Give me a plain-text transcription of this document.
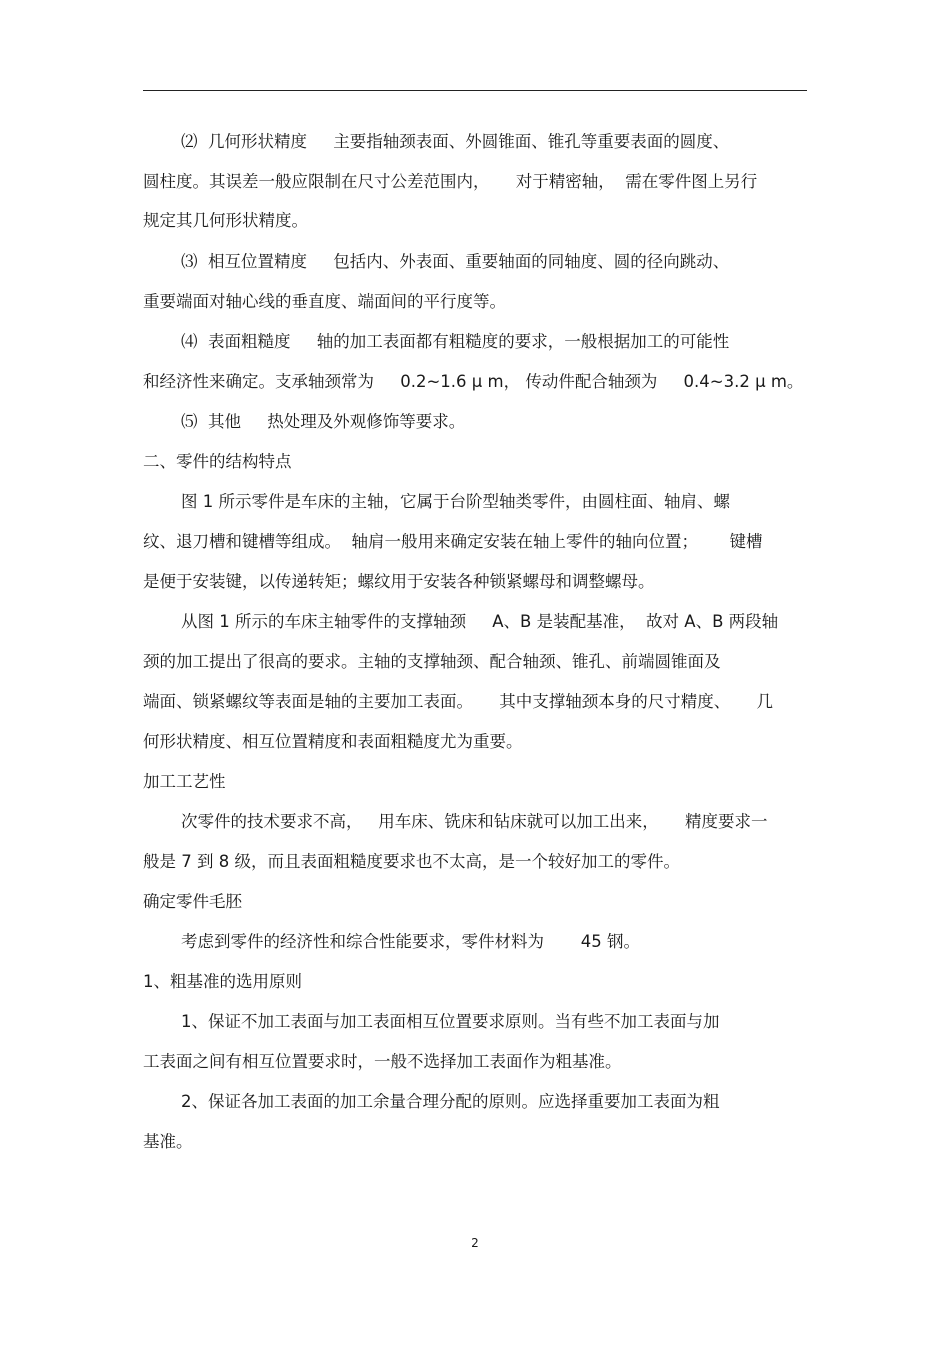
⑵  几何形状精度     主要指轴颈表面、外圆锥面、锥孔等重要表面的圆度、
圆柱度。其误差一般应限制在尺寸公差范围内，     对于精密轴，  需在零件图上另行
规定其几何形状精度。
⑶  相互位置精度     包括内、外表面、重要轴面的同轴度、圆的径向跳动、
重要端面对轴心线的垂直度、端面间的平行度等。
⑷  表面粗糙度     轴的加工表面都有粗糙度的要求，一般根据加工的可能性
和经济性来确定。支承轴颈常为     0.2~1.6 μ m， 传动件配合轴颈为     0.4~3.2 μ m。
⑸  其他     热处理及外观修饰等要求。
二、零件的结构特点
图 1 所示零件是车床的主轴，它属于台阶型轴类零件，由圆柱面、轴肩、螺
纹、退刀槽和键槽等组成。  轴肩一般用来确定安装在轴上零件的轴向位置；      键槽
是便于安装键，以传递转矩；螺纹用于安装各种锁紧螺母和调整螺母。
从图 1 所示的车床主轴零件的支撑轴颈     A、B 是装配基准，  故对 A、B 两段轴
颈的加工提出了很高的要求。主轴的支撑轴颈、配合轴颈、锥孔、前端圆锥面及
端面、锁紧螺纹等表面是轴的主要加工表面。     其中支撑轴颈本身的尺寸精度、     几
何形状精度、相互位置精度和表面粗糙度尤为重要。
加工工艺性
次零件的技术要求不高，   用车床、铣床和钻床就可以加工出来，     精度要求一
般是 7 到 8 级，而且表面粗糙度要求也不太高，是一个较好加工的零件。
确定零件毛胚
考虑到零件的经济性和综合性能要求，零件材料为       45 钢。
1、粗基准的选用原则
1、保证不加工表面与加工表面相互位置要求原则。当有些不加工表面与加
工表面之间有相互位置要求时，一般不选择加工表面作为粗基准。
2、保证各加工表面的加工余量合理分配的原则。应选择重要加工表面为粗
基准。
2
